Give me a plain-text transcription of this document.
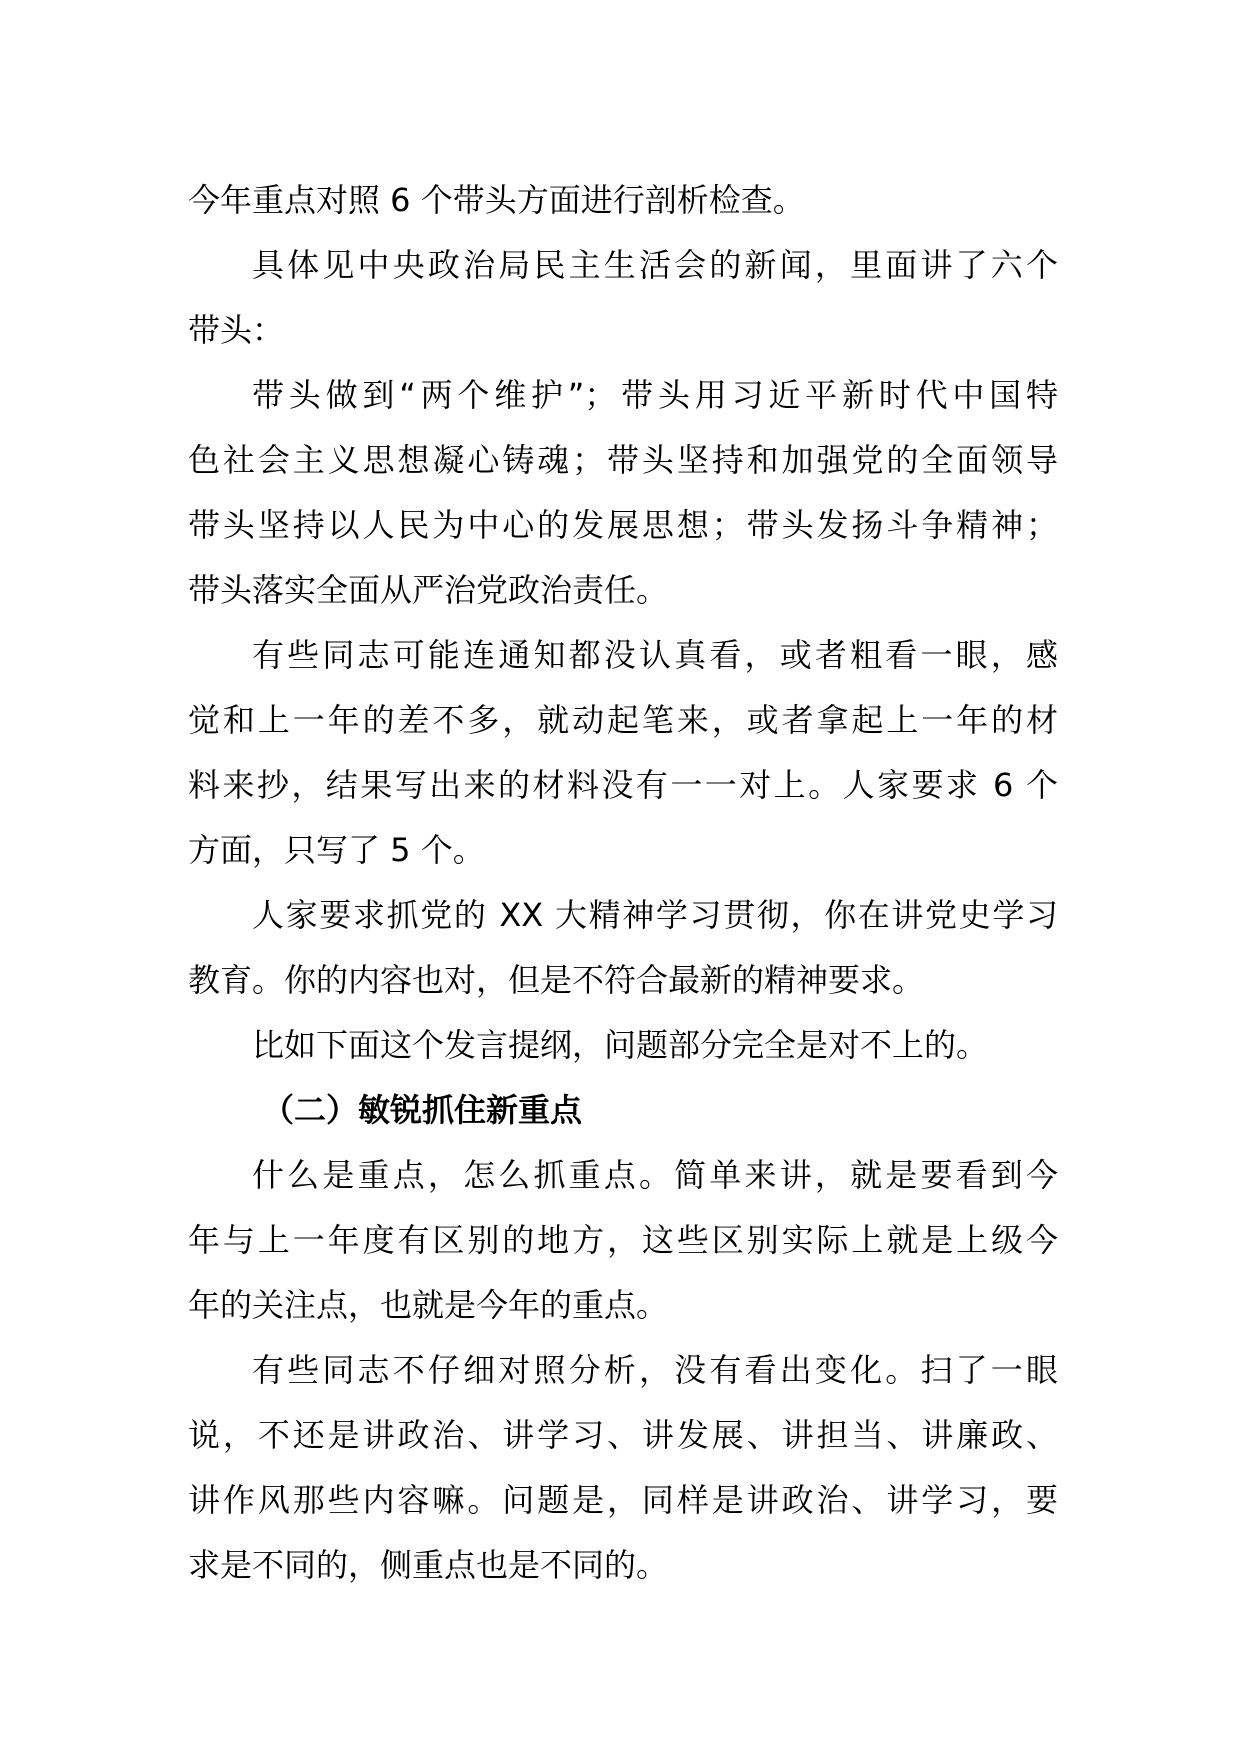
今年重点对照 6 个带头方面进行剖析检查。

具体见中央政治局民主生活会的新闻，里面讲了六个
带头：

带头做到“两个维护”；带头用习近平新时代中国特
色社会主义思想凝心铸魂；带头坚持和加强党的全面领导
带头坚持以人民为中心的发展思想；带头发扬斗争精神；
带头落实全面从严治党政治责任。

有些同志可能连通知都没认真看，或者粗看一眼，感
觉和上一年的差不多，就动起笔来，或者拿起上一年的材
料来抄，结果写出来的材料没有一一对上。人家要求 6 个
方面，只写了 5 个。

人家要求抓党的 XX 大精神学习贯彻，你在讲党史学习
教育。你的内容也对，但是不符合最新的精神要求。

比如下面这个发言提纲，问题部分完全是对不上的。

（二）敏锐抓住新重点

什么是重点，怎么抓重点。简单来讲，就是要看到今
年与上一年度有区别的地方，这些区别实际上就是上级今
年的关注点，也就是今年的重点。

有些同志不仔细对照分析，没有看出变化。扫了一眼
说，不还是讲政治、讲学习、讲发展、讲担当、讲廉政、
讲作风那些内容嘛。问题是，同样是讲政治、讲学习，要
求是不同的，侧重点也是不同的。
